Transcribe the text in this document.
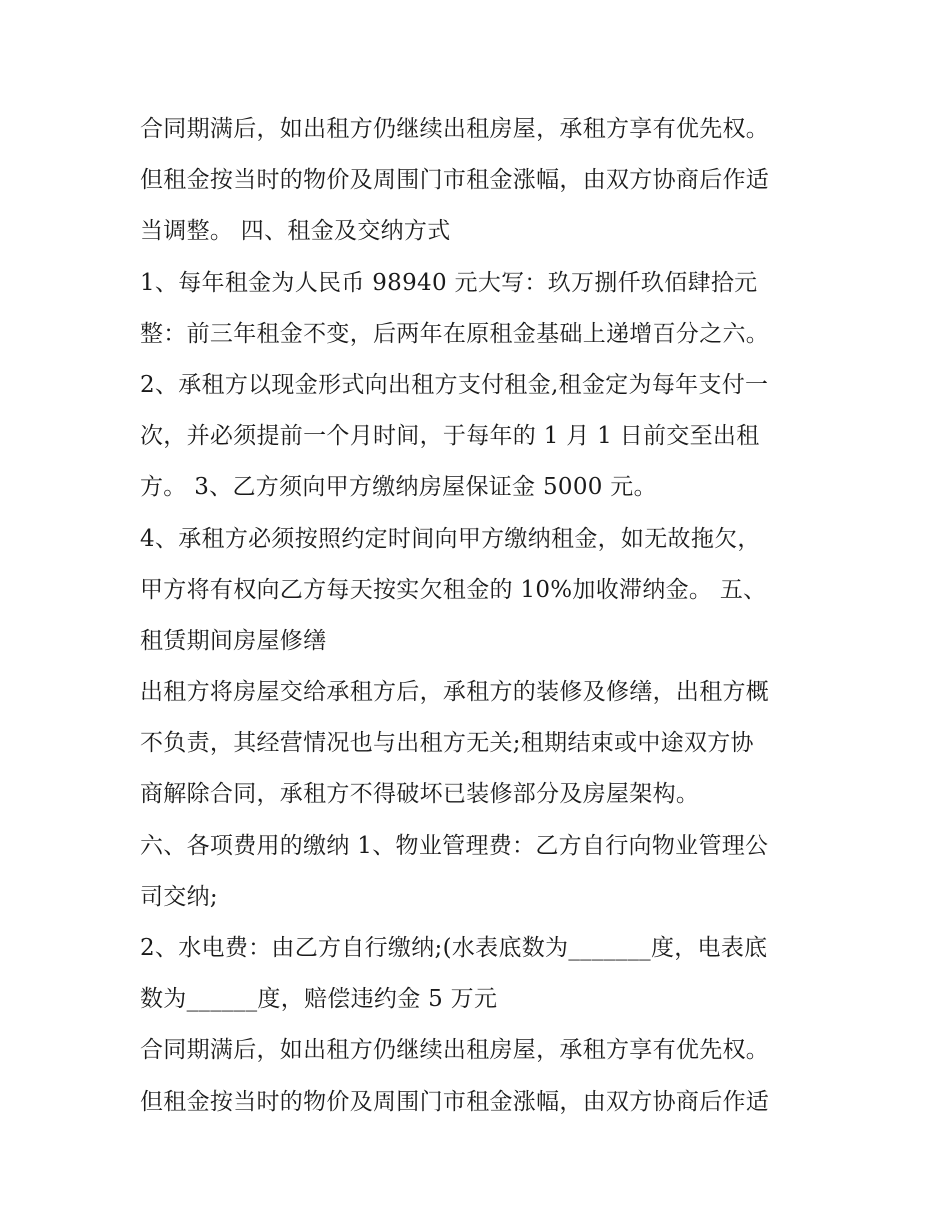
合同期满后，如出租方仍继续出租房屋，承租方享有优先权。
但租金按当时的物价及周围门市租金涨幅，由双方协商后作适
当调整。 四、租金及交纳方式
1、每年租金为人民币 98940 元大写：玖万捌仟玖佰肆拾元
整：前三年租金不变，后两年在原租金基础上递增百分之六。
2、承租方以现金形式向出租方支付租金,租金定为每年支付一
次，并必须提前一个月时间，于每年的 1 月 1 日前交至出租
方。 3、乙方须向甲方缴纳房屋保证金 5000 元。
4、承租方必须按照约定时间向甲方缴纳租金，如无故拖欠，
甲方将有权向乙方每天按实欠租金的 10%加收滞纳金。 五、
租赁期间房屋修缮
出租方将房屋交给承租方后，承租方的装修及修缮，出租方概
不负责，其经营情况也与出租方无关;租期结束或中途双方协
商解除合同，承租方不得破坏已装修部分及房屋架构。
六、各项费用的缴纳 1、物业管理费：乙方自行向物业管理公
司交纳;
2、水电费：由乙方自行缴纳;(水表底数为_______度，电表底
数为______度，赔偿违约金 5 万元
合同期满后，如出租方仍继续出租房屋，承租方享有优先权。
但租金按当时的物价及周围门市租金涨幅，由双方协商后作适
